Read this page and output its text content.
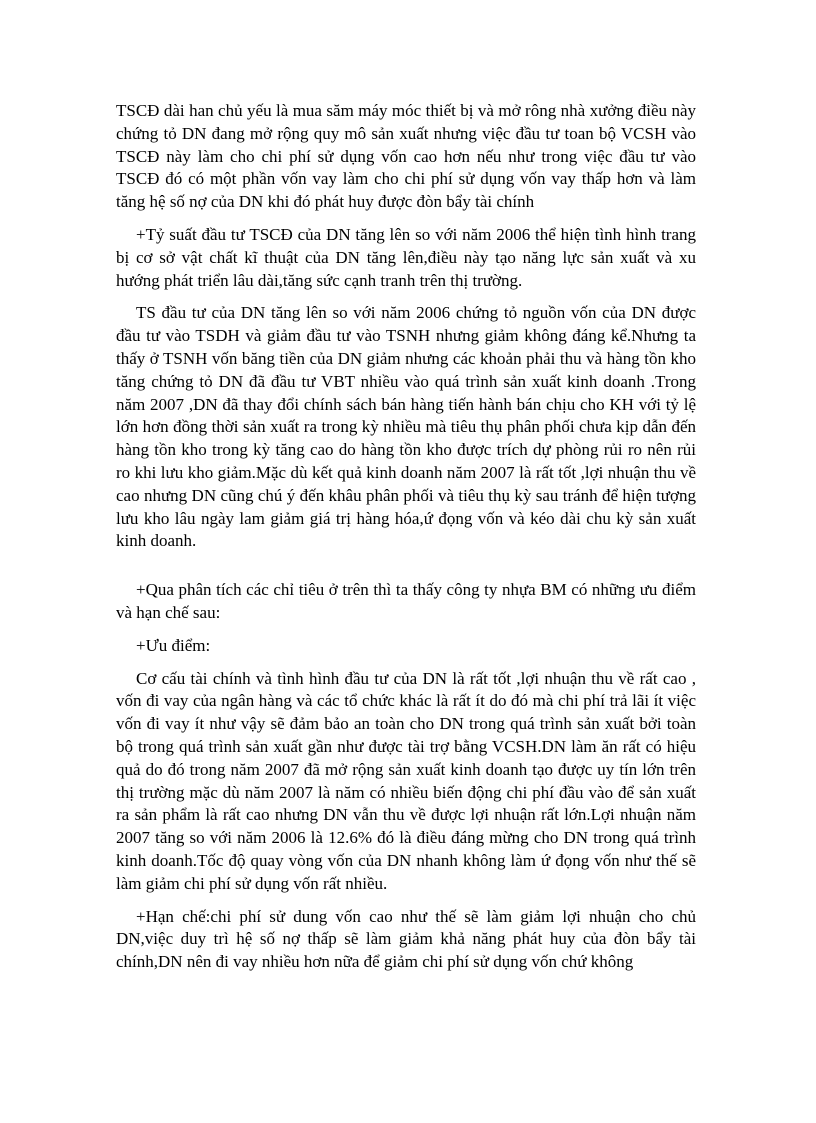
TSCĐ dài han chủ yếu là mua săm máy móc thiết bị và mở rông nhà xưởng điều này chứng tỏ DN đang mở rộng quy mô sản xuất nhưng việc đầu tư toan bộ VCSH vào TSCĐ này làm cho chi phí sử dụng vốn cao hơn nếu như trong việc đầu tư vào TSCĐ đó có một phần vốn vay làm cho chi phí sử dụng vốn vay thấp hơn và làm tăng hệ số nợ của DN khi đó phát huy được đòn bẩy tài chính

+Tỷ suất đầu tư TSCĐ của DN tăng lên so với năm 2006 thể hiện tình hình trang bị cơ sở vật chất kĩ thuật của DN tăng lên,điều này tạo năng lực sản xuất và xu hướng phát triển lâu dài,tăng sức cạnh tranh trên thị trường.

TS đầu tư của DN tăng lên so với năm 2006 chứng tỏ nguồn vốn của DN được đầu tư vào TSDH và giảm đầu tư vào TSNH nhưng giảm không đáng kể.Nhưng ta thấy ở TSNH vốn băng tiền của DN giảm nhưng các khoản phải thu và hàng tồn kho tăng chứng tỏ DN đã đầu tư VBT nhiều vào quá trình sản xuất kinh doanh .Trong năm 2007 ,DN đã thay đổi chính sách bán hàng tiến hành bán chịu cho KH với tỷ lệ lớn hơn đồng thời sản xuất ra trong kỳ nhiều mà tiêu thụ phân phối chưa kịp dẫn đến hàng tồn kho trong kỳ tăng cao do hàng tồn kho được trích dự phòng rủi ro nên rủi ro khi lưu kho giảm.Mặc dù kết quả kinh doanh năm 2007 là rất tốt ,lợi nhuận thu về cao nhưng DN cũng chú ý đến khâu phân phối và tiêu thụ kỳ sau tránh để hiện tượng lưu kho lâu ngày lam giảm giá trị hàng hóa,ứ đọng vốn và kéo dài chu kỳ sản xuất kinh doanh.

+Qua phân tích các chỉ tiêu ở trên thì ta thấy công ty nhựa BM có những ưu điểm và hạn chế sau:

+Ưu điểm:

Cơ cấu tài chính và tình hình đầu tư của DN là rất tốt ,lợi nhuận thu về rất cao , vốn đi vay của ngân hàng và các tổ chức khác là rất ít do đó mà chi phí trả lãi ít việc vốn đi vay ít như vậy sẽ đảm bảo an toàn cho DN trong quá trình sản xuất bởi toàn bộ trong quá trình sản xuất gần như được tài trợ bằng VCSH.DN làm ăn rất có hiệu quả do đó trong năm 2007 đã mở rộng sản xuất kinh doanh tạo được uy tín lớn trên thị trường mặc dù năm 2007 là năm có nhiều biến động chi phí đầu vào để sản xuất ra sản phẩm là rất cao nhưng DN vẫn thu về được lợi nhuận rất lớn.Lợi nhuận năm 2007 tăng so với năm 2006 là 12.6% đó là điều đáng mừng cho DN trong quá trình kinh doanh.Tốc độ quay vòng vốn của DN nhanh không làm ứ đọng vốn như thế sẽ làm giảm chi phí sử dụng vốn rất nhiều.

+Hạn chế:chi phí sử dung vốn cao như thế sẽ làm giảm lợi nhuận cho chủ DN,việc duy trì hệ số nợ thấp sẽ làm giảm khả năng phát huy của đòn bẩy tài chính,DN nên đi vay nhiều hơn nữa để giảm chi phí sử dụng vốn chứ không
